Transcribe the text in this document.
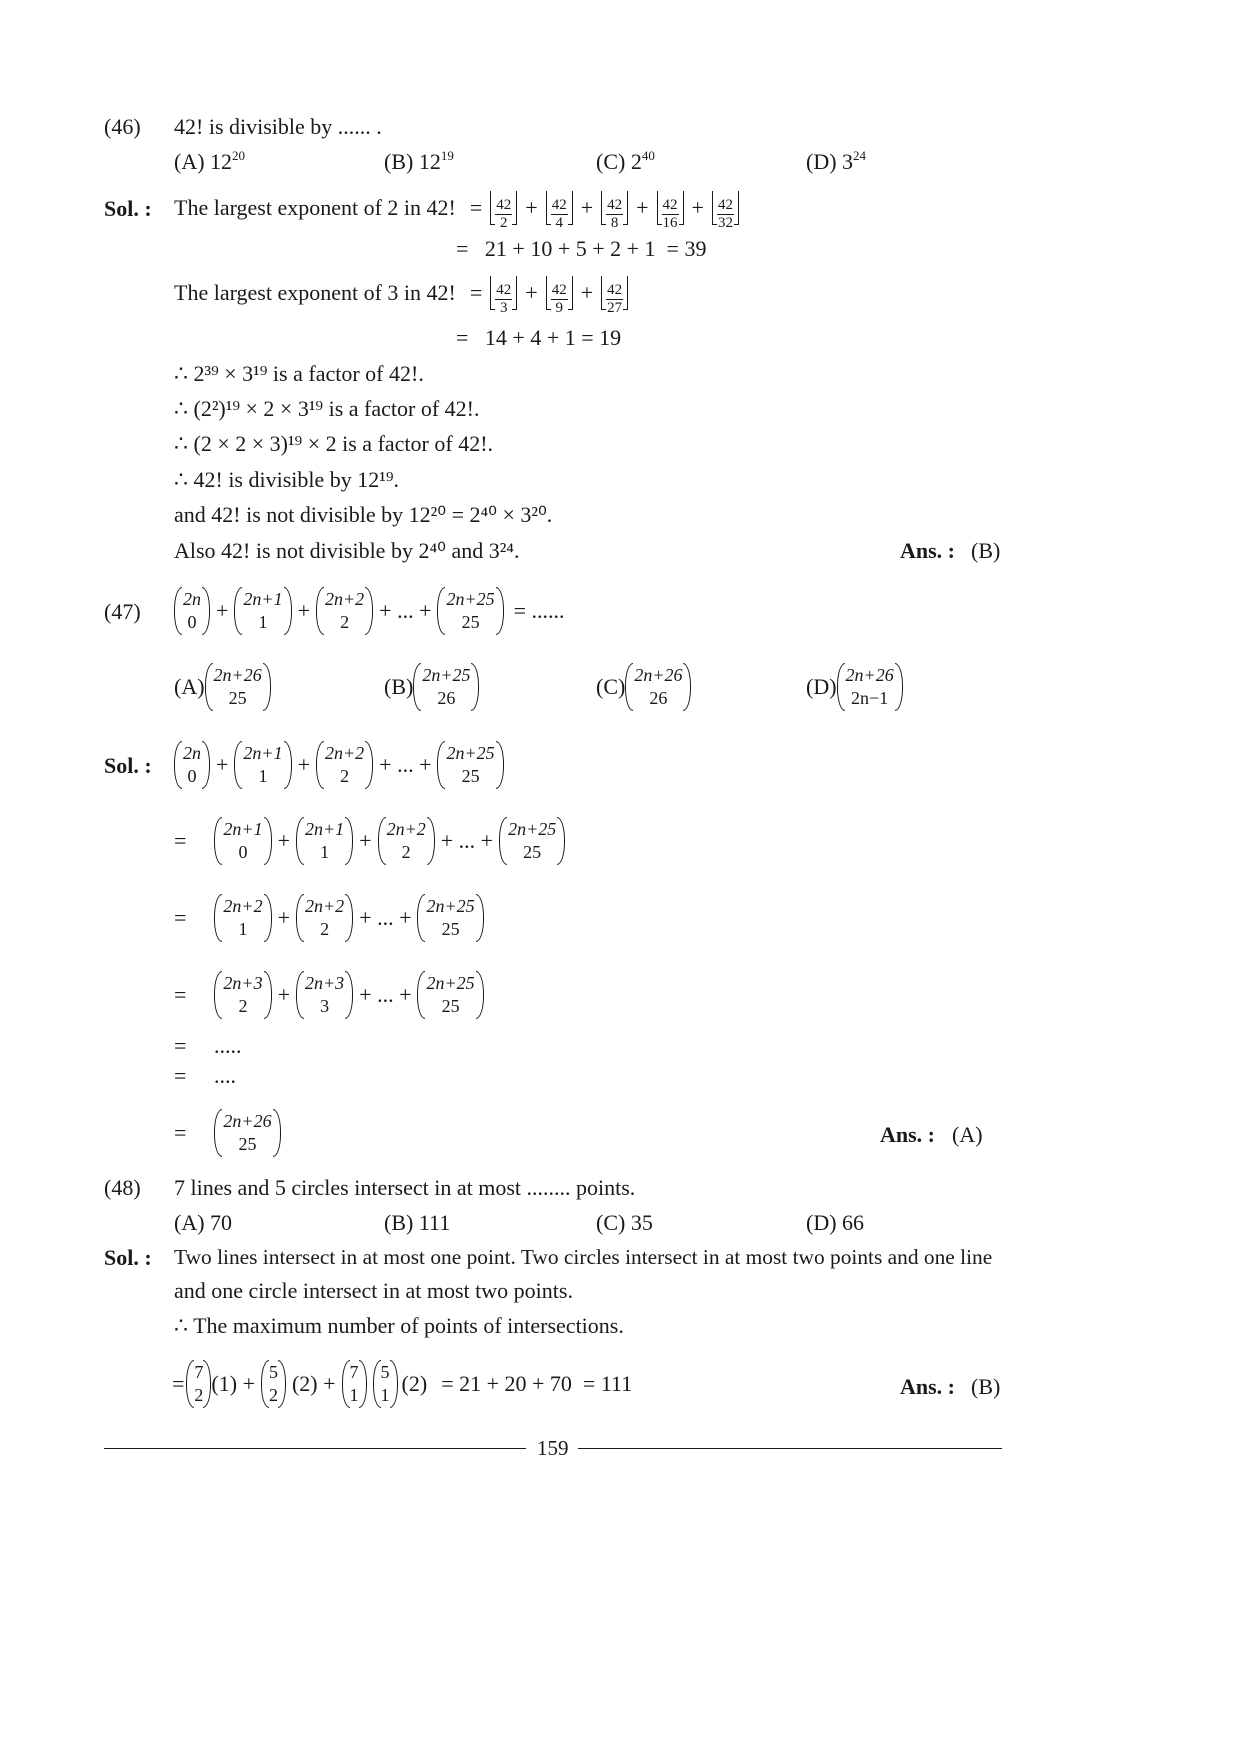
(46) 42! is divisible by ...... .
(A) $12^{20}$	(B) $12^{19}$	(C) $2^{40}$	(D) $3^{24}$
Sol. : The largest exponent of 2 in 42! = $\frac{42}{2} + \frac{42}{4} + \frac{42}{8} + \frac{42}{16} + \frac{42}{32}$
=   21 + 10 + 5 + 2 + 1  = 39
The largest exponent of 3 in 42! = $\frac{42}{3} + \frac{42}{9} + \frac{42}{27}$
=   14 + 4 + 1 = 19
∴ 2³⁹ × 3¹⁹ is a factor of 42!.
∴ (2²)¹⁹ × 2 × 3¹⁹ is a factor of 42!.
∴ (2 × 2 × 3)¹⁹ × 2 is a factor of 42!.
∴ 42! is divisible by 12¹⁹.
and 42! is not divisible by 12²⁰ = 2⁴⁰ × 3²⁰.
Also 42! is not divisible by 2⁴⁰ and 3²⁴.	Ans. : (B)
(47)
2n
0 + 2n+1
1 + 2n+2
2 + ... + 2n+25
25	= ......
(A) 2n+26
25	(B) 2n+25
26	(C) 2n+26
26	(D) 2n+26
2n−1
Sol. :
2n
0 + 2n+1
1 + 2n+2
2 + ... + 2n+25
25
=	2n+1
0 + 2n+1
1 + 2n+2
2 + ... + 2n+25
25
=	2n+2
1 + 2n+2
2 + ... + 2n+25
25
=	2n+3
2 + 2n+3
3 + ... + 2n+25
25
= .....
= ....
=	2n+26
25	Ans. : (A)
(48) 7 lines and 5 circles intersect in at most ........ points.
(A) 70	(B) 111	(C) 35	(D) 66
Sol. : Two lines intersect in at most one point. Two circles intersect in at most two points and one line
and one circle intersect in at most two points.
∴ The maximum number of points of intersections.
= 7
2 (1) + 5
2 (2) + 7
1
5
1 (2) = 21 + 20 + 70  = 111	Ans. : (B)
159
